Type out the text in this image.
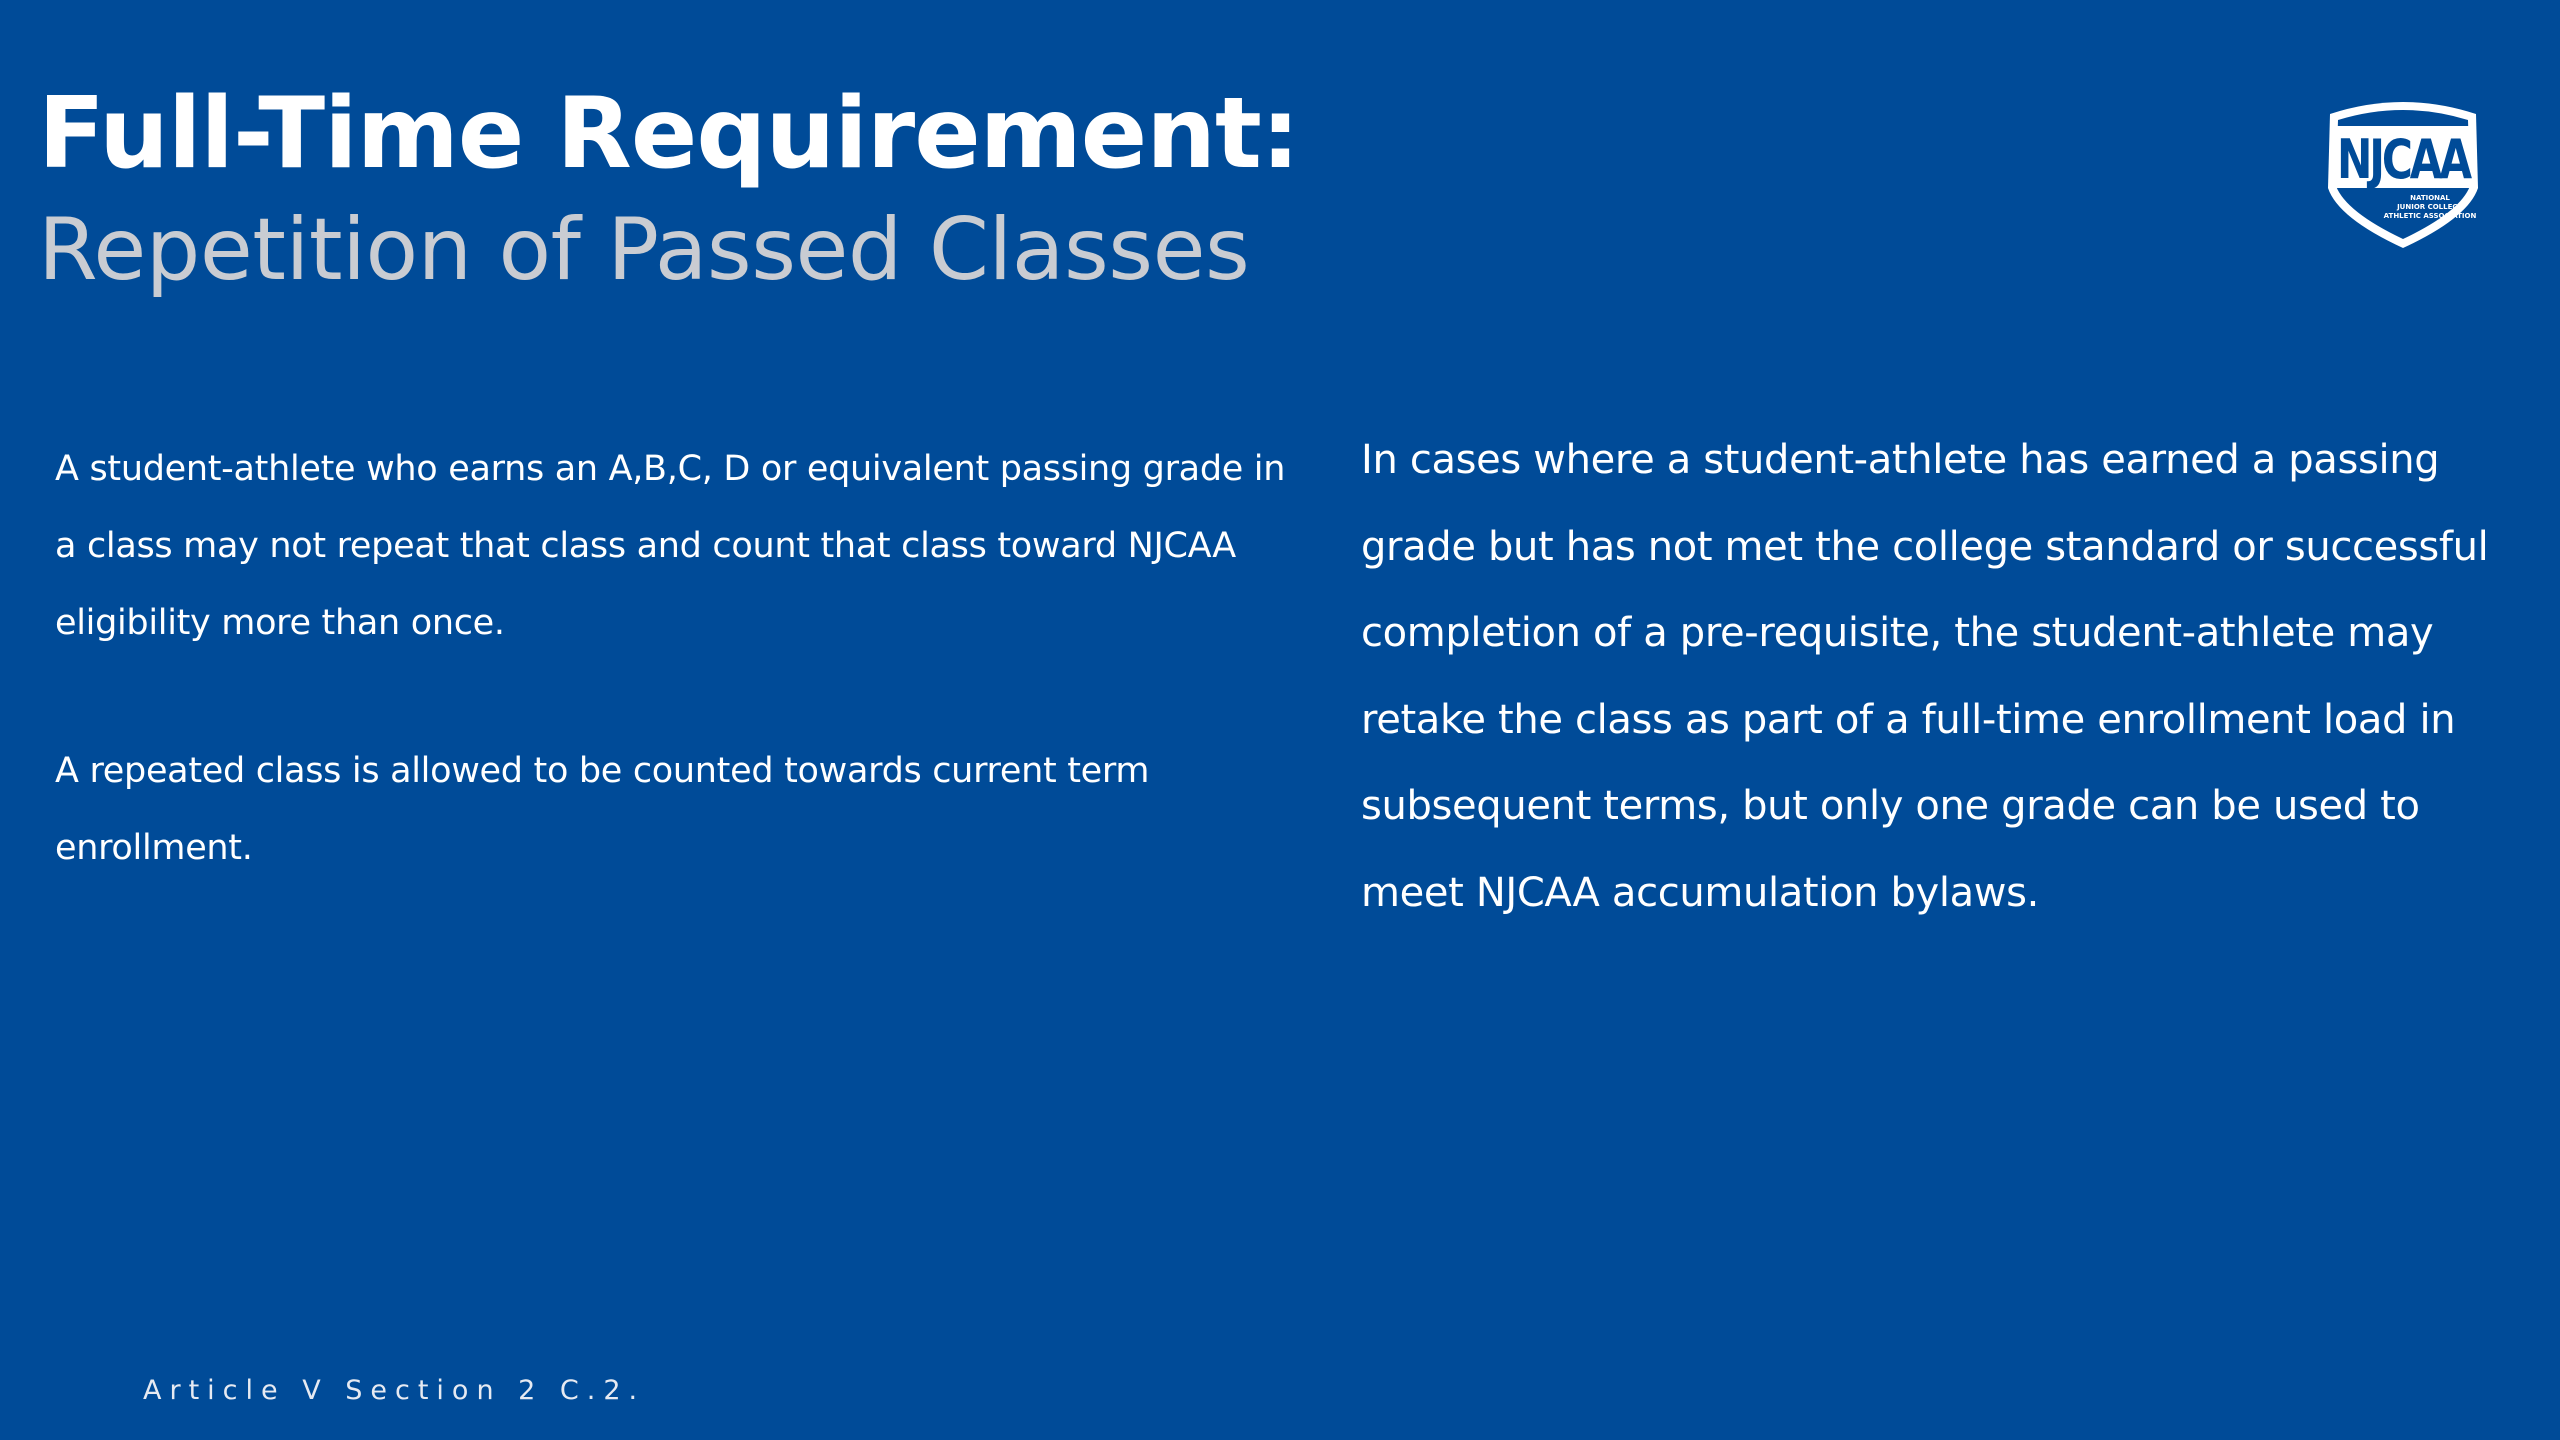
Full-Time Requirement:
Repetition of Passed Classes
NJCAA
NATIONAL
JUNIOR COLLEGE
ATHLETIC ASSOCIATION

A student-athlete who earns an A,B,C, D or equivalent passing grade in a class may not repeat that class and count that class toward NJCAA eligibility more than once.

A repeated class is allowed to be counted towards current term enrollment.

In cases where a student-athlete has earned a passing grade but has not met the college standard or successful completion of a pre-requisite, the student-athlete may retake the class as part of a full-time enrollment load in subsequent terms, but only one grade can be used to meet NJCAA accumulation bylaws.

Article V Section 2 C.2.
